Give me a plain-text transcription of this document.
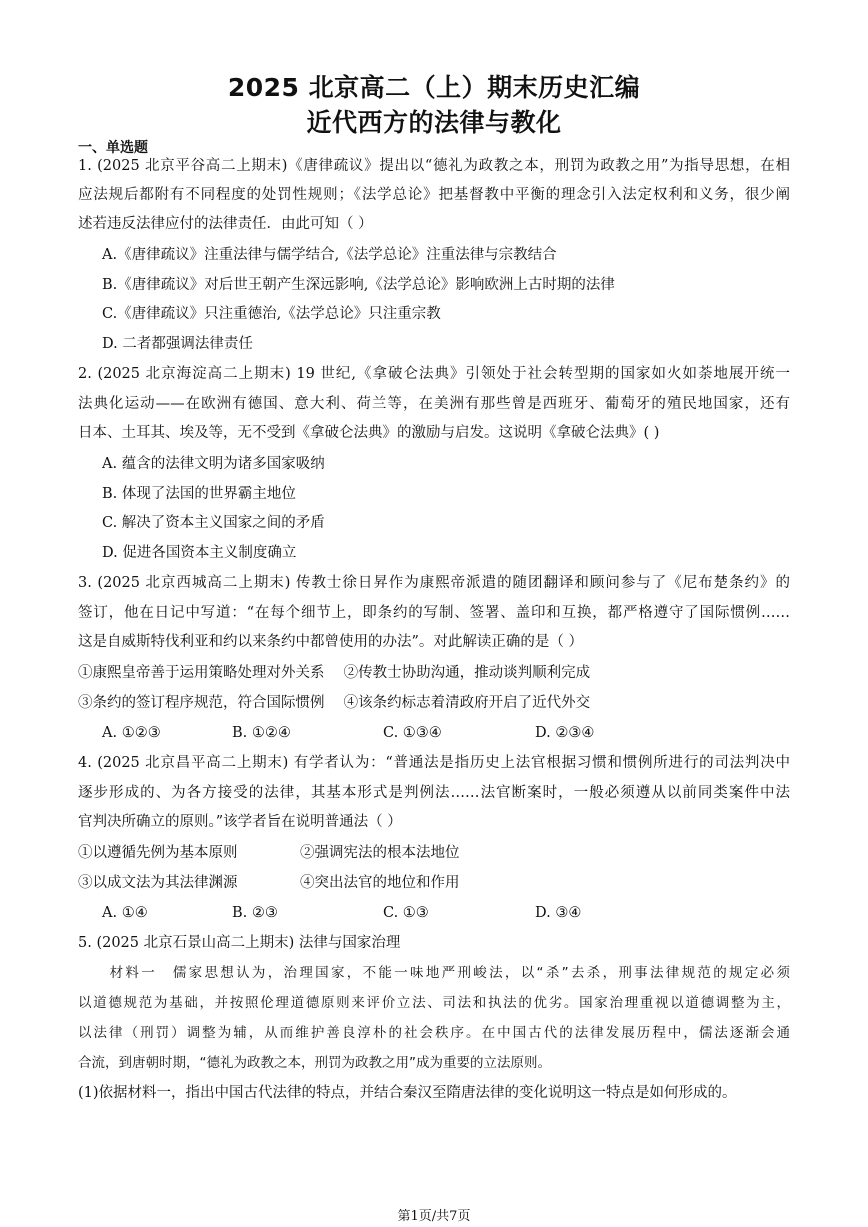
2025 北京高二（上）期末历史汇编
近代西方的法律与教化
一、单选题
1. (2025 北京平谷高二上期末)《唐律疏议》提出以“德礼为政教之本，刑罚为政教之用”为指导思想，在相
应法规后都附有不同程度的处罚性规则；《法学总论》把基督教中平衡的理念引入法定权利和义务，很少阐
述若违反法律应付的法律责任．由此可知（ ）
A.《唐律疏议》注重法律与儒学结合,《法学总论》注重法律与宗教结合
B.《唐律疏议》对后世王朝产生深远影响,《法学总论》影响欧洲上古时期的法律
C.《唐律疏议》只注重德治,《法学总论》只注重宗教
D. 二者都强调法律责任
2. (2025 北京海淀高二上期末) 19 世纪,《拿破仑法典》引领处于社会转型期的国家如火如荼地展开统一
法典化运动——在欧洲有德国、意大利、荷兰等，在美洲有那些曾是西班牙、葡萄牙的殖民地国家，还有
日本、土耳其、埃及等，无不受到《拿破仑法典》的激励与启发。这说明《拿破仑法典》( )
A. 蕴含的法律文明为诸多国家吸纳
B. 体现了法国的世界霸主地位
C. 解决了资本主义国家之间的矛盾
D. 促进各国资本主义制度确立
3. (2025 北京西城高二上期末) 传教士徐日昇作为康熙帝派遣的随团翻译和顾问参与了《尼布楚条约》的
签订，他在日记中写道：“在每个细节上，即条约的写制、签署、盖印和互换，都严格遵守了国际惯例……
这是自威斯特伐利亚和约以来条约中都曾使用的办法”。对此解读正确的是（ ）
①康熙皇帝善于运用策略处理对外关系　 ②传教士协助沟通，推动谈判顺利完成
③条约的签订程序规范，符合国际惯例　 ④该条约标志着清政府开启了近代外交
A. ①②③	B. ①②④	C. ①③④	D. ②③④
4. (2025 北京昌平高二上期末) 有学者认为：“普通法是指历史上法官根据习惯和惯例所进行的司法判决中
逐步形成的、为各方接受的法律，其基本形式是判例法……法官断案时，一般必须遵从以前同类案件中法
官判决所确立的原则。”该学者旨在说明普通法（ ）
①以遵循先例为基本原则	②强调宪法的根本法地位
③以成文法为其法律渊源	④突出法官的地位和作用
A. ①④	B. ②③	C. ①③	D. ③④
5. (2025 北京石景山高二上期末) 法律与国家治理
　　材料一　儒家思想认为，治理国家，不能一味地严刑峻法，以“杀”去杀，刑事法律规范的规定必须
以道德规范为基础，并按照伦理道德原则来评价立法、司法和执法的优劣。国家治理重视以道德调整为主，
以法律（刑罚）调整为辅，从而维护善良淳朴的社会秩序。在中国古代的法律发展历程中，儒法逐渐会通
合流，到唐朝时期，“德礼为政教之本，刑罚为政教之用”成为重要的立法原则。
(1)依据材料一，指出中国古代法律的特点，并结合秦汉至隋唐法律的变化说明这一特点是如何形成的。
第1页/共7页
